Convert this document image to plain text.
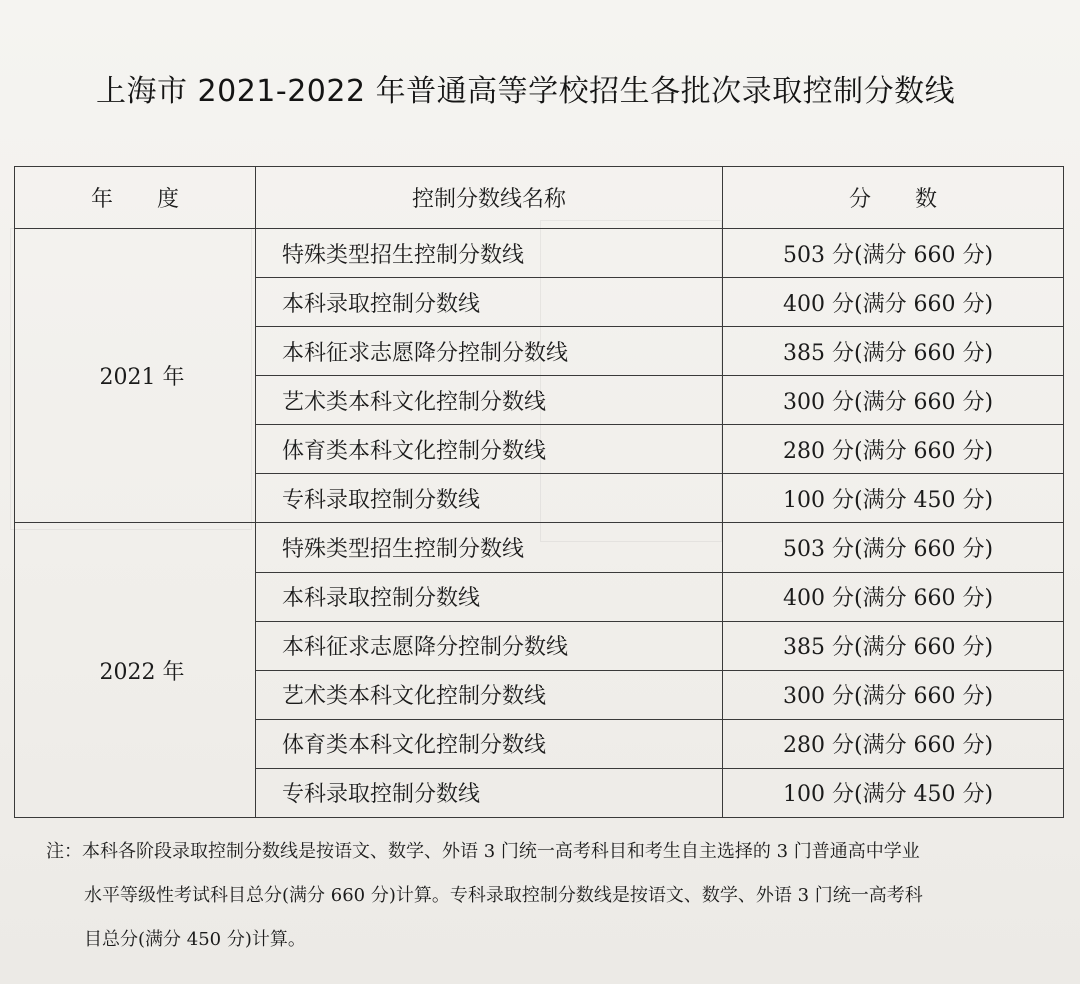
上海市 2021-2022 年普通高等学校招生各批次录取控制分数线
年　　度	控制分数线名称	分　　数
2021 年	特殊类型招生控制分数线	503 分(满分 660 分)
	本科录取控制分数线	400 分(满分 660 分)
	本科征求志愿降分控制分数线	385 分(满分 660 分)
	艺术类本科文化控制分数线	300 分(满分 660 分)
	体育类本科文化控制分数线	280 分(满分 660 分)
	专科录取控制分数线	100 分(满分 450 分)
2022 年	特殊类型招生控制分数线	503 分(满分 660 分)
	本科录取控制分数线	400 分(满分 660 分)
	本科征求志愿降分控制分数线	385 分(满分 660 分)
	艺术类本科文化控制分数线	300 分(满分 660 分)
	体育类本科文化控制分数线	280 分(满分 660 分)
	专科录取控制分数线	100 分(满分 450 分)
注：本科各阶段录取控制分数线是按语文、数学、外语 3 门统一高考科目和考生自主选择的 3 门普通高中学业
水平等级性考试科目总分(满分 660 分)计算。专科录取控制分数线是按语文、数学、外语 3 门统一高考科
目总分(满分 450 分)计算。
